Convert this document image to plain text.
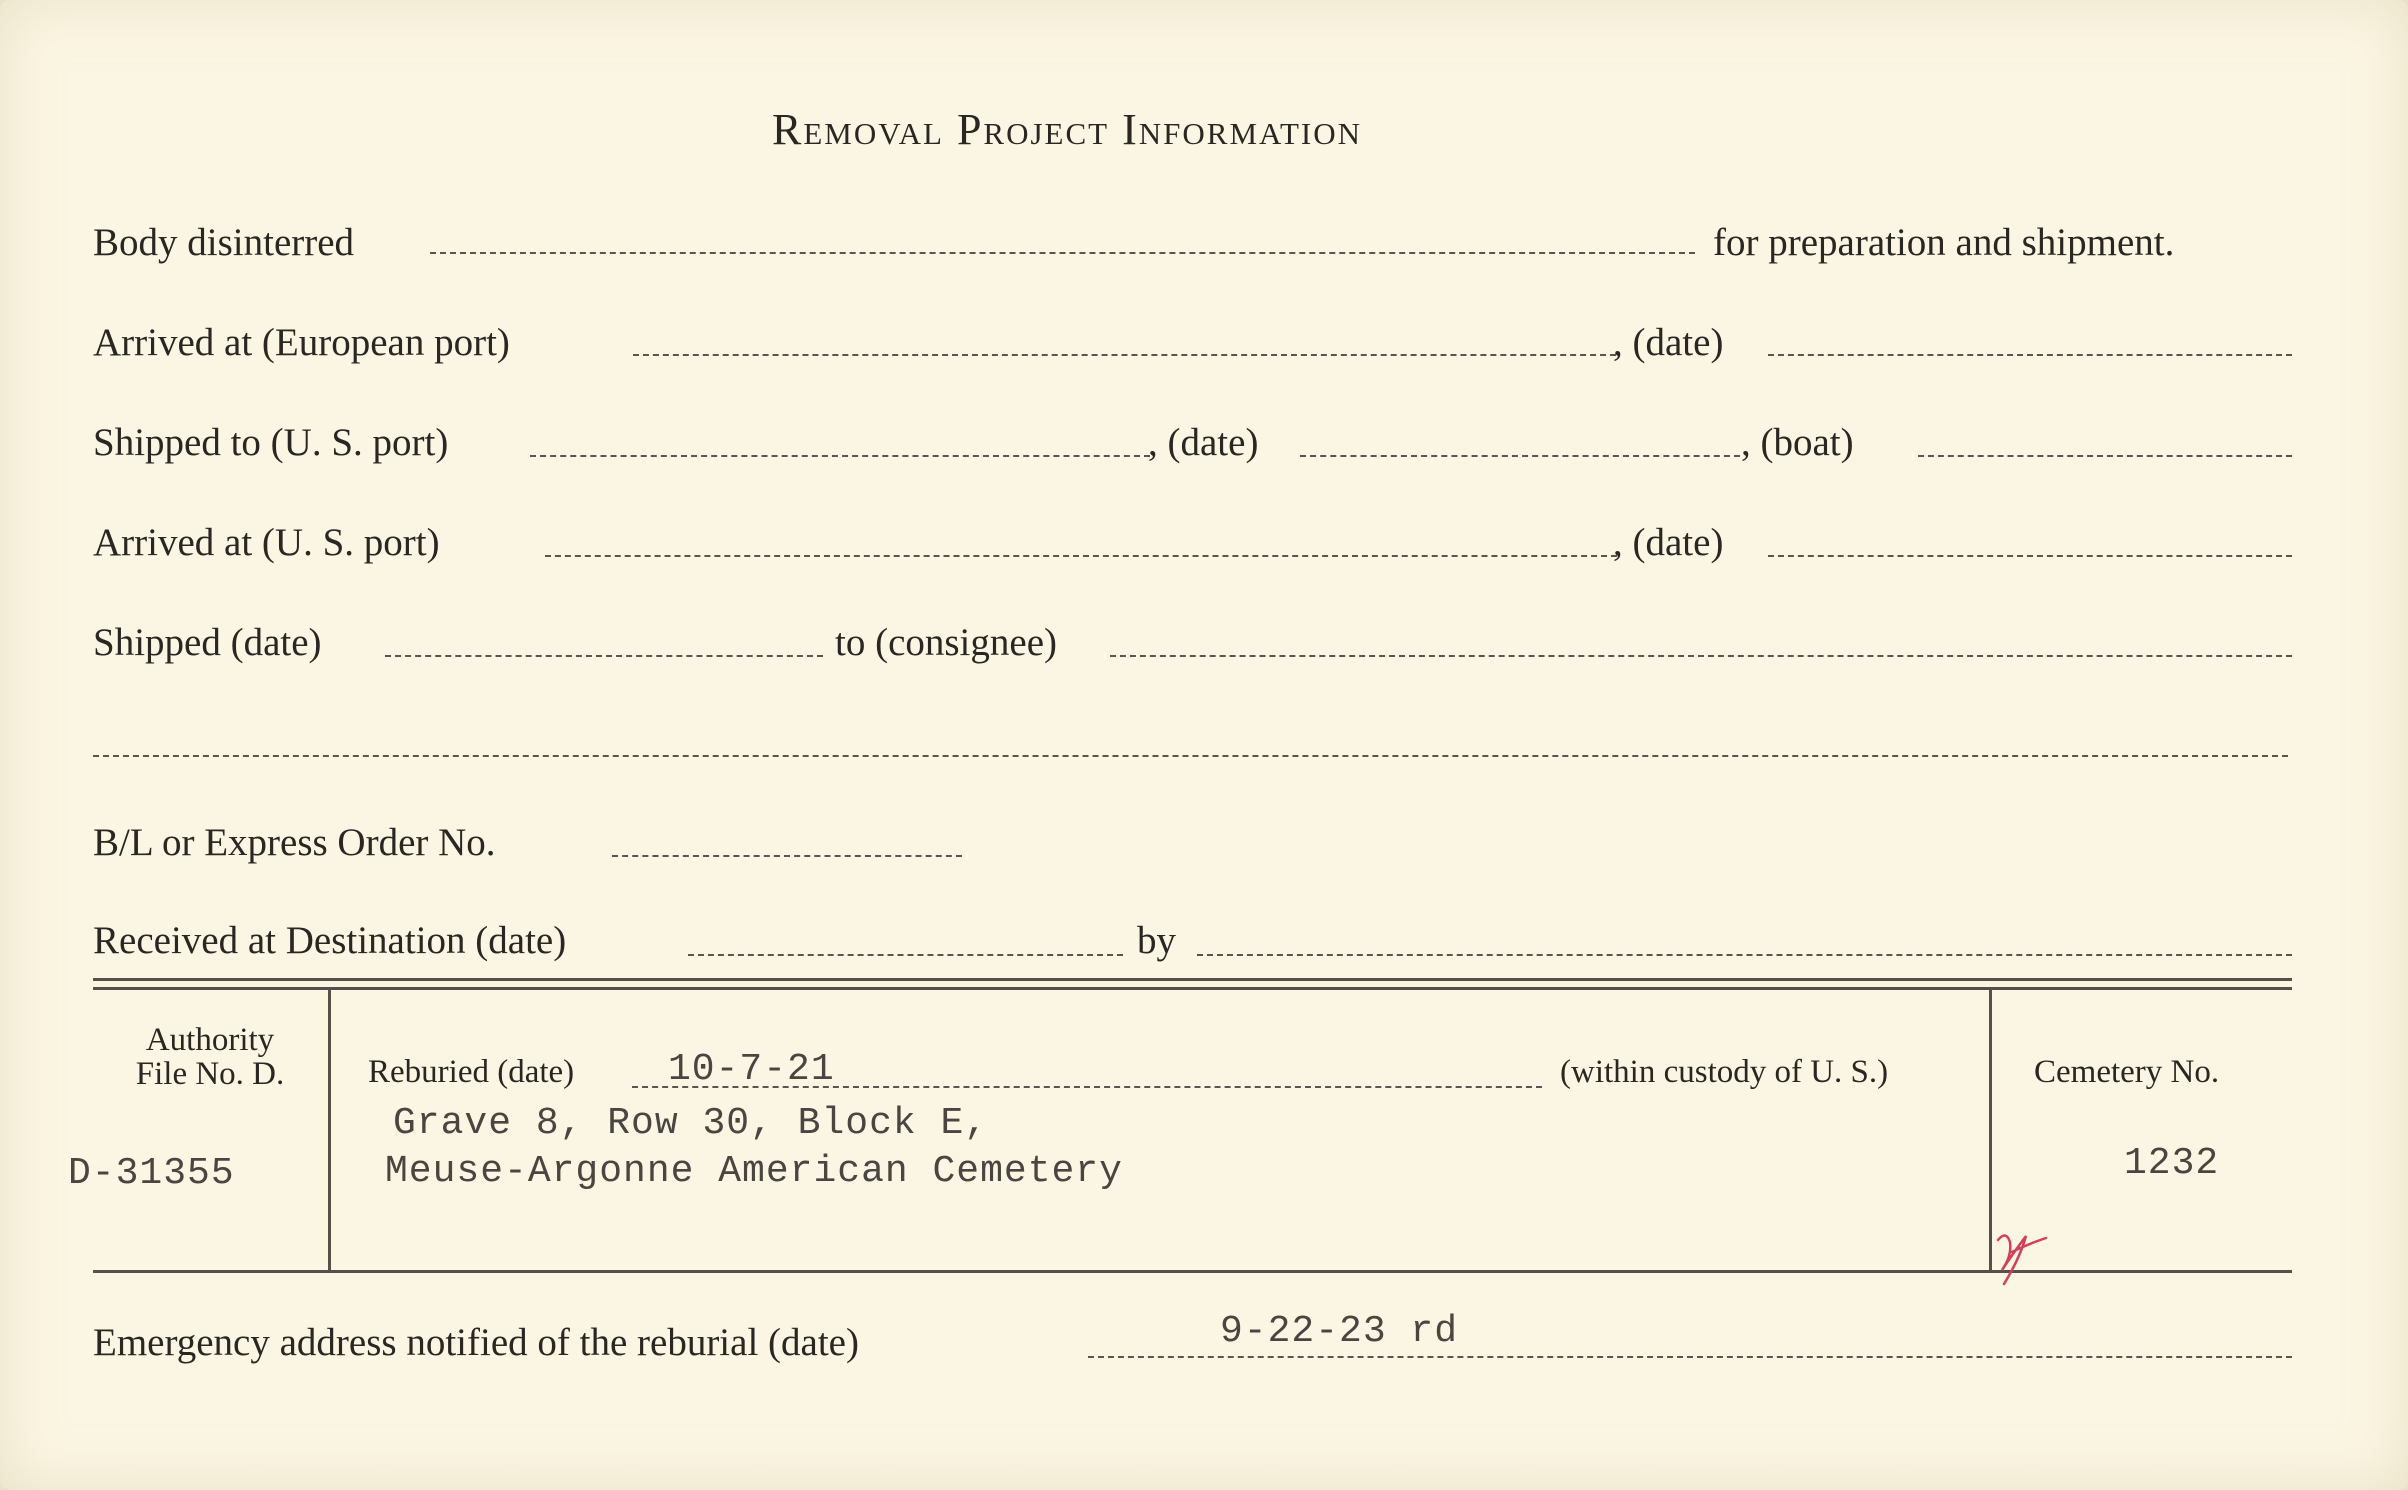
Removal Project Information
Body disinterred	for preparation and shipment.
Arrived at (European port)	, (date)
Shipped to (U. S. port)	, (date)	, (boat)
Arrived at (U. S. port)	, (date)
Shipped (date)	to (consignee)
B/L or Express Order No.
Received at Destination (date)	by
Authority
File No. D.
D-31355
Reburied (date) 10-7-21	(within custody of U. S.)
Grave 8, Row 30, Block E,
Meuse-Argonne American Cemetery
Cemetery No.
1232
Emergency address notified of the reburial (date)	9-22-23 rd
